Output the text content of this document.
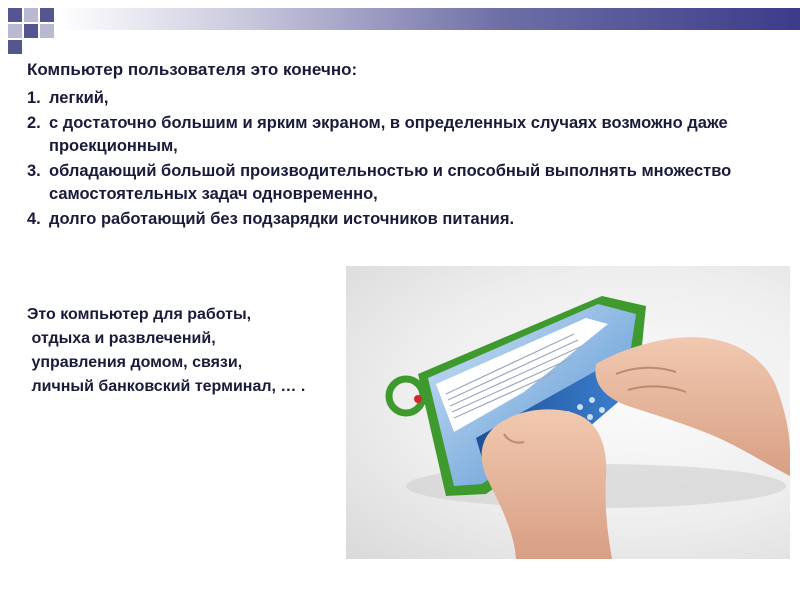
Компьютер пользователя это конечно:
1. легкий,
2. с достаточно большим и ярким экраном, в определенных случаях возможно даже проекционным,
3. обладающий большой производительностью и способный выполнять множество самостоятельных задач одновременно,
4. долго работающий без подзарядки источников питания.
Это компьютер для работы,
отдыха и развлечений,
управления домом, связи,
личный банковский терминал, … .
